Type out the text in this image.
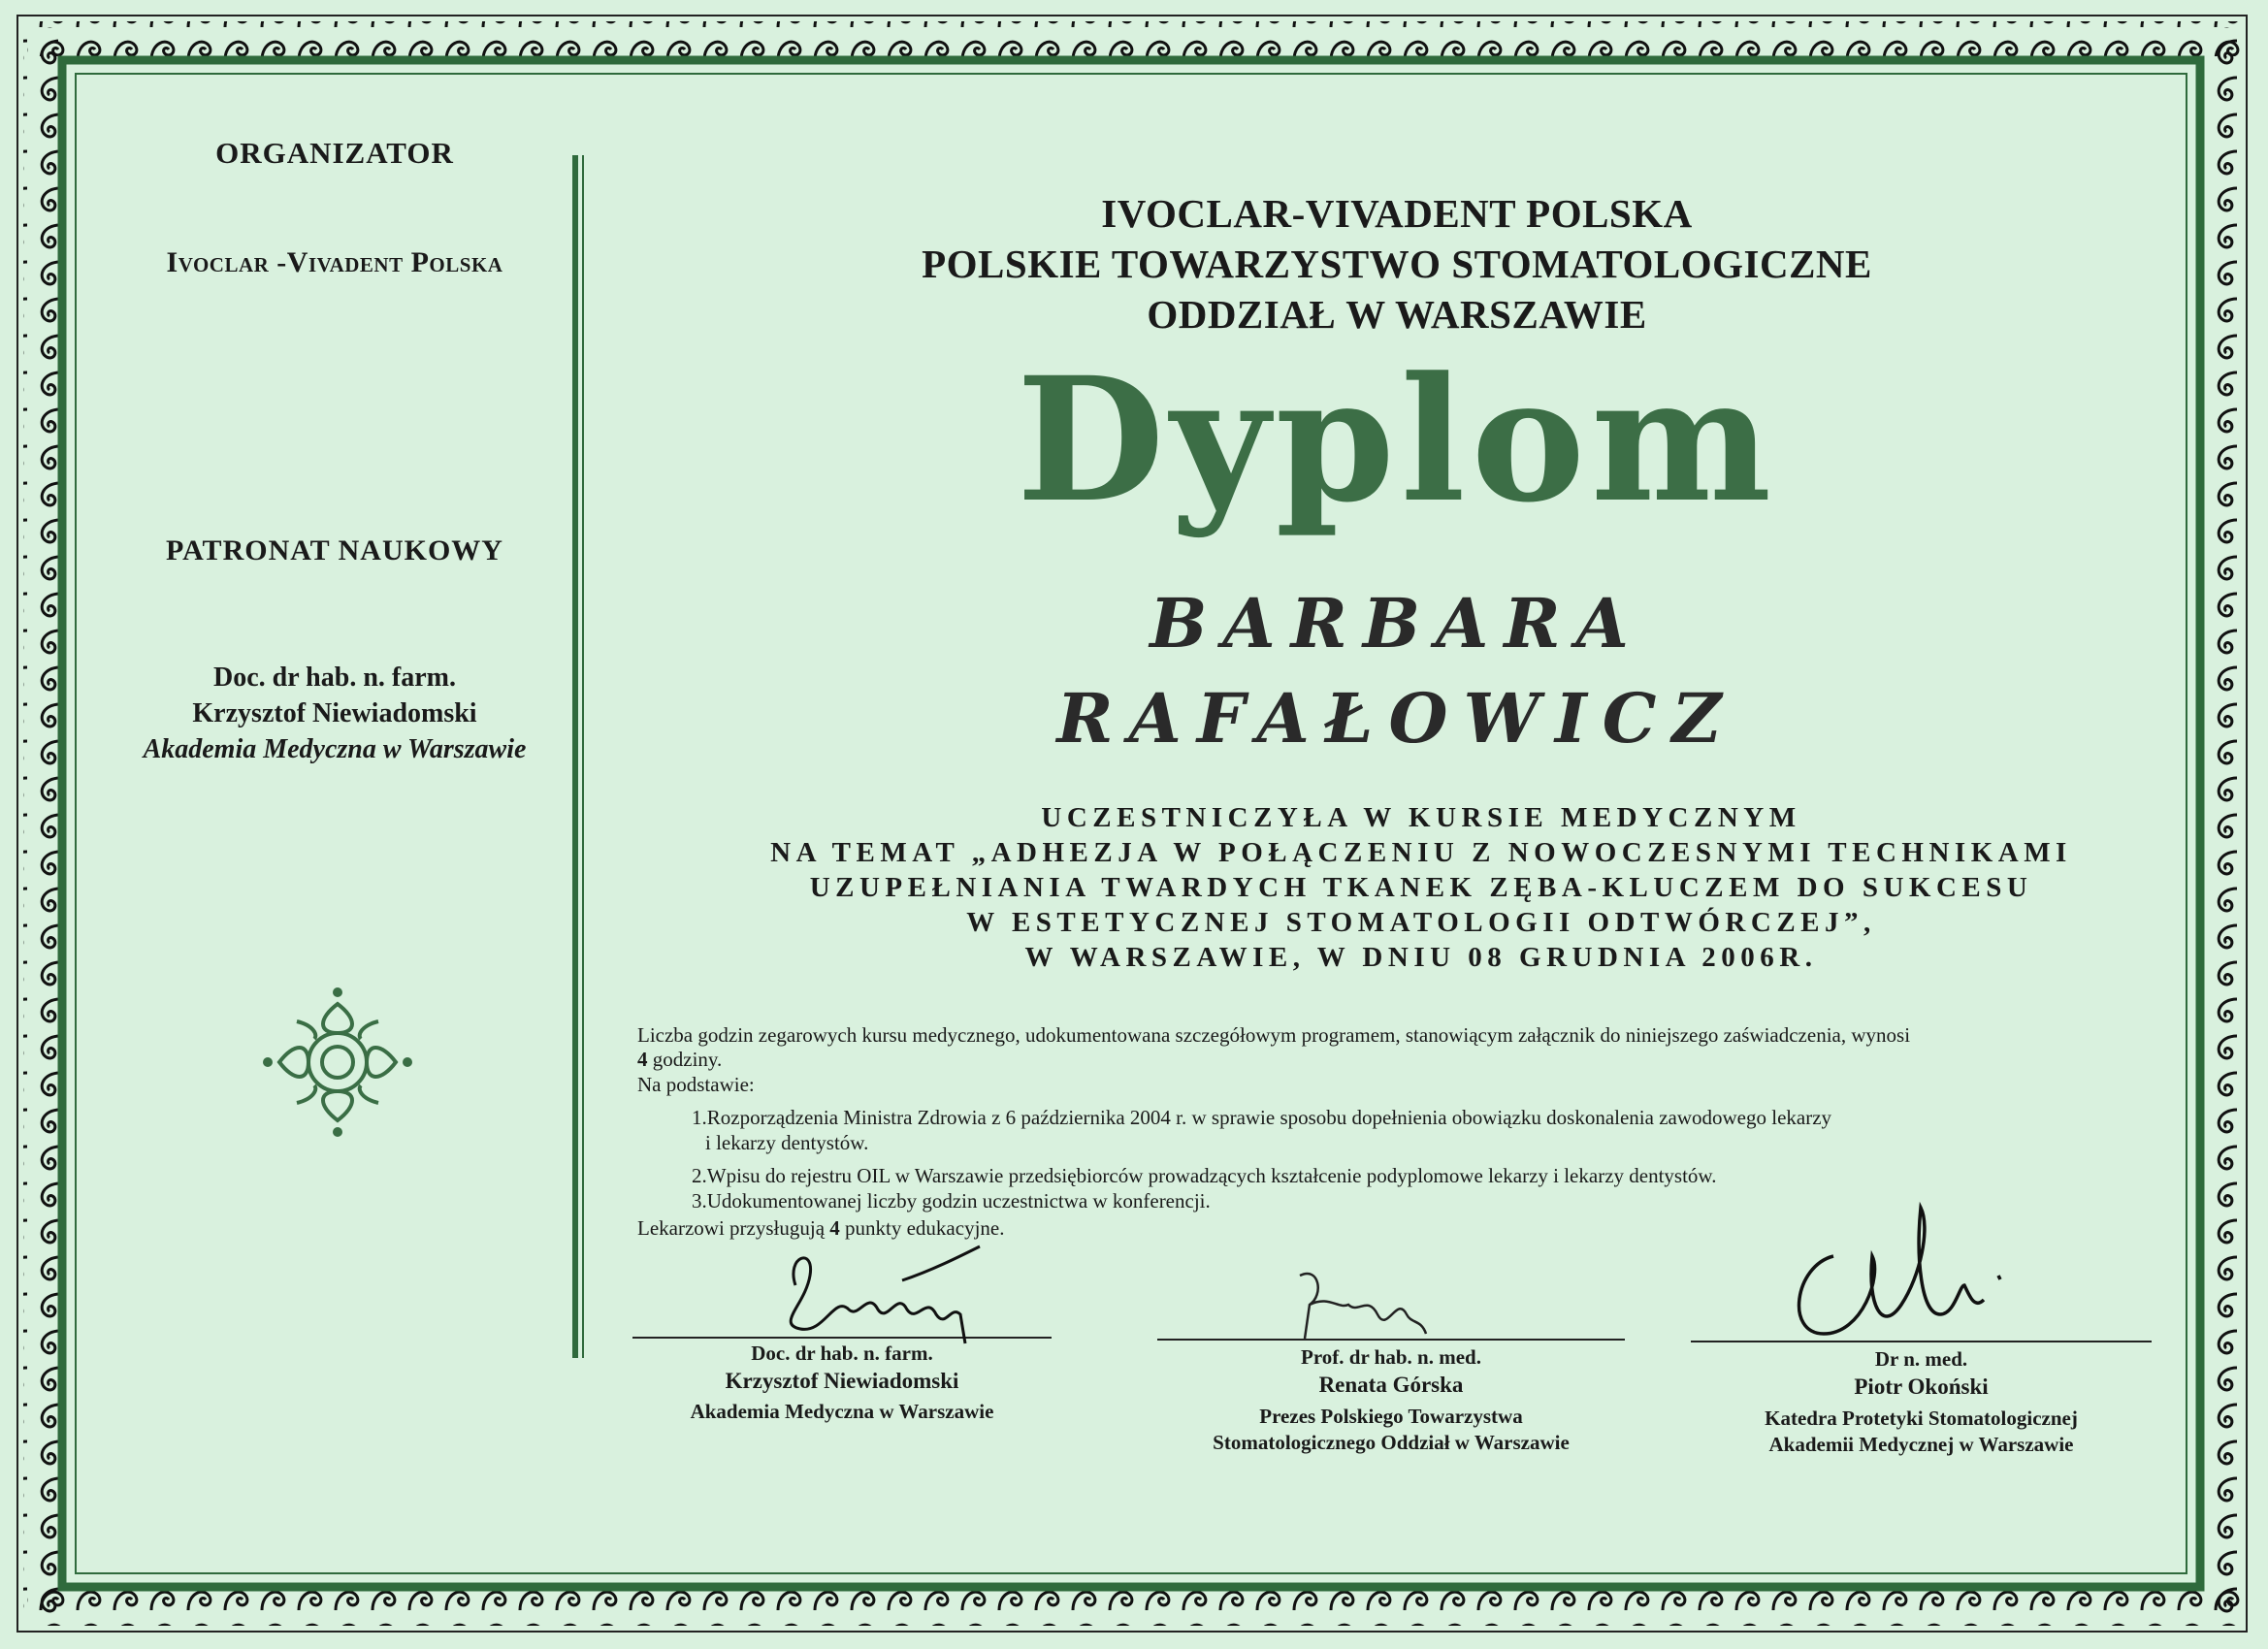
ORGANIZATOR
Ivoclar -Vivadent Polska
PATRONAT NAUKOWY
Doc. dr hab. n. farm.
Krzysztof Niewiadomski
Akademia Medyczna w Warszawie
IVOCLAR-VIVADENT POLSKA
POLSKIE TOWARZYSTWO STOMATOLOGICZNE
ODDZIAŁ W WARSZAWIE
Dyplom
BARBARA
RAFAŁOWICZ
UCZESTNICZYŁA W KURSIE MEDYCZNYM
NA TEMAT „ADHEZJA W POŁĄCZENIU Z NOWOCZESNYMI TECHNIKAMI
UZUPEŁNIANIA TWARDYCH TKANEK ZĘBA-KLUCZEM DO SUKCESU
W ESTETYCZNEJ STOMATOLOGII ODTWÓRCZEJ”,
W WARSZAWIE, W DNIU 08 GRUDNIA 2006R.
Liczba godzin zegarowych kursu medycznego, udokumentowana szczegółowym programem, stanowiącym załącznik do niniejszego zaświadczenia, wynosi
4 godziny.
Na podstawie:
1.Rozporządzenia Ministra Zdrowia z 6 października 2004 r. w sprawie sposobu dopełnienia obowiązku doskonalenia zawodowego lekarzy
i lekarzy dentystów.
2.Wpisu do rejestru OIL w Warszawie przedsiębiorców prowadzących kształcenie podyplomowe lekarzy i lekarzy dentystów.
3.Udokumentowanej liczby godzin uczestnictwa w konferencji.
Lekarzowi przysługują 4 punkty edukacyjne.
Doc. dr hab. n. farm.
Krzysztof Niewiadomski
Akademia Medyczna w Warszawie
Prof. dr hab. n. med.
Renata Górska
Prezes Polskiego Towarzystwa
Stomatologicznego Oddział w Warszawie
Dr n. med.
Piotr Okoński
Katedra Protetyki Stomatologicznej
Akademii Medycznej w Warszawie
